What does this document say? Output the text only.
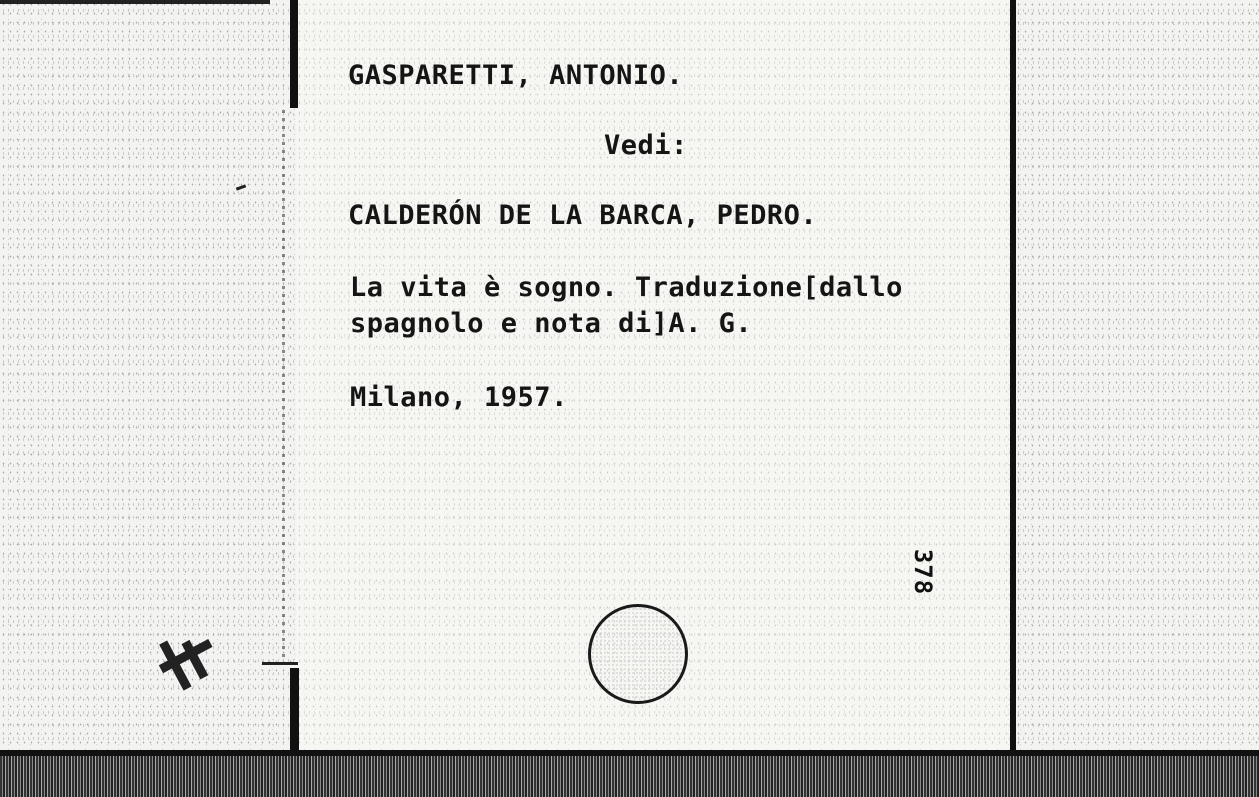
GASPARETTI, ANTONIO.
Vedi:
CALDERÓN DE LA BARCA, PEDRO.
La vita è sogno. Traduzione[dallo
spagnolo e nota di]A. G.
Milano, 1957.
378
